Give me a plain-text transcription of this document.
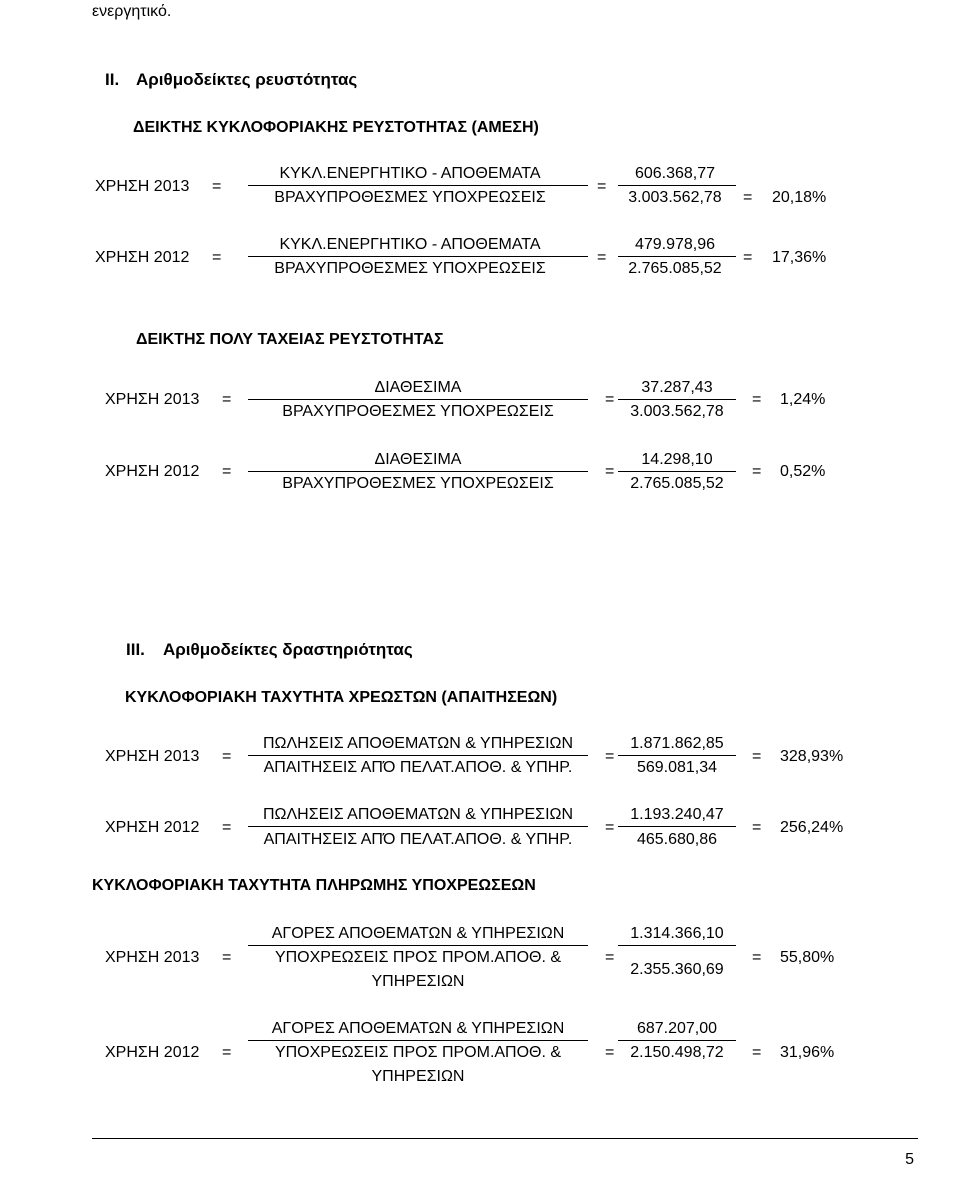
ενεργητικό.
II. Αριθμοδείκτες ρευστότητας
ΔΕΙΚΤΗΣ ΚΥΚΛΟΦΟΡΙΑΚΗΣ ΡΕΥΣΤΟΤΗΤΑΣ (ΑΜΕΣΗ)
ΧΡΗΣΗ 2013 =
ΚΥΚΛ.ΕΝΕΡΓΗΤΙΚΟ - ΑΠΟΘΕΜΑΤΑ
ΒΡΑΧΥΠΡΟΘΕΣΜΕΣ ΥΠΟΧΡΕΩΣΕΙΣ
=
606.368,77
3.003.562,78	= 20,18%
ΧΡΗΣΗ 2012 =
ΚΥΚΛ.ΕΝΕΡΓΗΤΙΚΟ - ΑΠΟΘΕΜΑΤΑ
ΒΡΑΧΥΠΡΟΘΕΣΜΕΣ ΥΠΟΧΡΕΩΣΕΙΣ
=
479.978,96
2.765.085,52
= 17,36%
ΔΕΙΚΤΗΣ ΠΟΛΥ ΤΑΧΕΙΑΣ ΡΕΥΣΤΟΤΗΤΑΣ
ΧΡΗΣΗ 2013 =
ΔΙΑΘΕΣΙΜΑ
ΒΡΑΧΥΠΡΟΘΕΣΜΕΣ ΥΠΟΧΡΕΩΣΕΙΣ
=
37.287,43
3.003.562,78
= 1,24%
ΧΡΗΣΗ 2012 =
ΔΙΑΘΕΣΙΜΑ
ΒΡΑΧΥΠΡΟΘΕΣΜΕΣ ΥΠΟΧΡΕΩΣΕΙΣ
=
14.298,10
2.765.085,52
= 0,52%
III. Αριθμοδείκτες δραστηριότητας
ΚΥΚΛΟΦΟΡΙΑΚΗ ΤΑΧΥΤΗΤΑ ΧΡΕΩΣΤΩΝ (ΑΠΑΙΤΗΣΕΩΝ)
ΧΡΗΣΗ 2013 =
ΠΩΛΗΣΕΙΣ ΑΠΟΘΕΜΑΤΩΝ & ΥΠΗΡΕΣΙΩΝ
ΑΠΑΙΤΗΣΕΙΣ ΑΠΌ ΠΕΛΑΤ.ΑΠΟΘ. & ΥΠΗΡ.
=
1.871.862,85
569.081,34
= 328,93%
ΧΡΗΣΗ 2012 =
ΠΩΛΗΣΕΙΣ ΑΠΟΘΕΜΑΤΩΝ & ΥΠΗΡΕΣΙΩΝ
ΑΠΑΙΤΗΣΕΙΣ ΑΠΌ ΠΕΛΑΤ.ΑΠΟΘ. & ΥΠΗΡ.
=
1.193.240,47
465.680,86
= 256,24%
ΚΥΚΛΟΦΟΡΙΑΚΗ ΤΑΧΥΤΗΤΑ ΠΛΗΡΩΜΗΣ ΥΠΟΧΡΕΩΣΕΩΝ
ΧΡΗΣΗ 2013 =
ΑΓΟΡΕΣ ΑΠΟΘΕΜΑΤΩΝ & ΥΠΗΡΕΣΙΩΝ
ΥΠΟΧΡΕΩΣΕΙΣ ΠΡΟΣ ΠΡΟΜ.ΑΠΟΘ. &
ΥΠΗΡΕΣΙΩΝ
=
1.314.366,10
2.355.360,69
= 55,80%
ΧΡΗΣΗ 2012 =
ΑΓΟΡΕΣ ΑΠΟΘΕΜΑΤΩΝ & ΥΠΗΡΕΣΙΩΝ
ΥΠΟΧΡΕΩΣΕΙΣ ΠΡΟΣ ΠΡΟΜ.ΑΠΟΘ. &
ΥΠΗΡΕΣΙΩΝ
=
687.207,00
2.150.498,72	= 31,96%
5
